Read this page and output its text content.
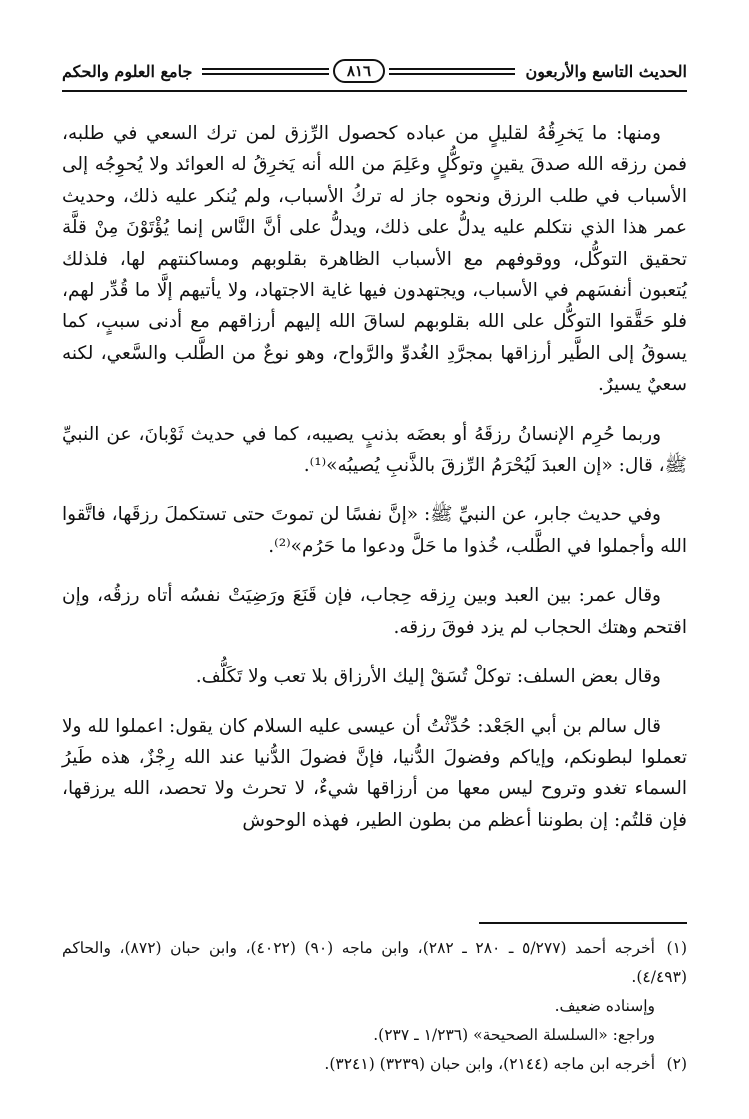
الحديث التاسع والأربعون
٨١٦
جامع العلوم والحكم

ومنها: ما يَخرِقُهُ لقليلٍ من عباده كحصول الرِّزق لمن ترك السعي في طلبه، فمن رزقه الله صدقَ يقينٍ وتوكُّلٍ وعَلِمَ من الله أنه يَخرِقُ له العوائد ولا يُحوِجُه إلى الأسباب في طلب الرزق ونحوه جاز له تركُ الأسباب، ولم يُنكر عليه ذلك، وحديث عمر هذا الذي نتكلم عليه يدلُّ على ذلك، ويدلُّ على أنَّ النَّاس إنما يُؤْتَوْنَ مِنْ قلَّة تحقيق التوكُّل، ووقوفهم مع الأسباب الظاهرة بقلوبهم ومساكنتهم لها، فلذلك يُتعبون أنفسَهم في الأسباب، ويجتهدون فيها غاية الاجتهاد، ولا يأتيهم إلَّا ما قُدِّر لهم، فلو حَقَّقوا التوكُّل على الله بقلوبهم لساقَ الله إليهم أرزاقهم مع أدنى سببٍ، كما يسوقُ إلى الطَّير أرزاقها بمجرَّدِ الغُدوِّ والرَّواح، وهو نوعٌ من الطَّلب والسَّعي، لكنه سعيٌ يسيرٌ.

وربما حُرِم الإنسانُ رزقَهُ أو بعضَه بذنبٍ يصيبه، كما في حديث ثَوْبانَ، عن النبيِّ ﷺ، قال: «إن العبدَ لَيُحْرَمُ الرِّزقَ بالذَّنبِ يُصيبُه»⁽¹⁾.

وفي حديث جابر، عن النبيِّ ﷺ: «إنَّ نفسًا لن تموتَ حتى تستكملَ رزقَها، فاتَّقوا الله وأجملوا في الطَّلب، خُذوا ما حَلَّ ودعوا ما حَرُم»⁽²⁾.

وقال عمر: بين العبد وبين رِزقه حِجاب، فإن قَنَعَ ورَضِيَتْ نفسُه أتاه رزقُه، وإن اقتحم وهتك الحجاب لم يزد فوقَ رزقه.

وقال بعض السلف: توكلْ تُسَقْ إليك الأرزاق بلا تعب ولا تَكَلُّف.

قال سالم بن أبي الجَعْد: حُدِّثْتُ أن عيسى عليه السلام كان يقول: اعملوا لله ولا تعملوا لبطونكم، وإياكم وفضولَ الدُّنيا، فإنَّ فضولَ الدُّنيا عند الله رِجْزٌ، هذه طَيرُ السماء تغدو وتروح ليس معها من أرزاقها شيءٌ، لا تحرث ولا تحصد، الله يرزقها، فإن قلتُم: إن بطوننا أعظم من بطون الطير، فهذه الوحوش

(١)أخرجه أحمد (٥/٢٧٧ ـ ٢٨٠ ـ ٢٨٢)، وابن ماجه (٩٠) (٤٠٢٢)، وابن حبان (٨٧٢)، والحاكم (٤/٤٩٣).

وإسناده ضعيف.

وراجع: «السلسلة الصحيحة» (١/٢٣٦ ـ ٢٣٧).

(٢)أخرجه ابن ماجه (٢١٤٤)، وابن حبان (٣٢٣٩) (٣٢٤١).
